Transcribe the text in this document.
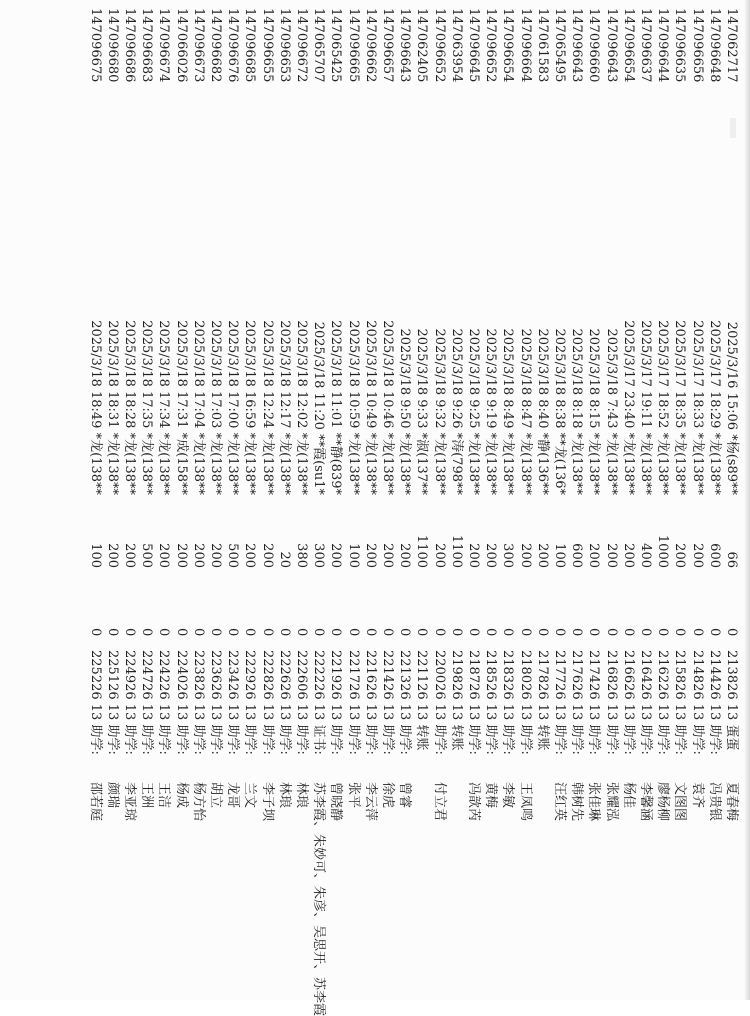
147062717
2025/3/16 15:06 *杨(s89**
66
0
213826 13 蛋蛋
夏春梅
147096648
2025/3/17 18:29 *龙(138**
600
0
214426 13 助学:
冯贵银
147096656
2025/3/17 18:33 *龙(138**
200
0
214826 13 助学:
袁齐
147096635
2025/3/17 18:35 *龙(138**
200
0
215826 13 助学:
文图图
147096644
2025/3/17 18:52 *龙(138**
1000
0
216226 13 助学:
廖杨柳
147096637
2025/3/17 19:11 *龙(138**
400
0
216426 13 助学:
李馨涵
147096654
2025/3/17 23:40 *龙(138**
200
0
216626 13 助学:
杨佳
147096643
2025/3/18 7:43 *龙(138**
200
0
216826 13 助学:
张耀泓
147096660
2025/3/18 8:15 *龙(138**
200
0
217426 13 助学:
张佳琳
147096643
2025/3/18 8:18 *龙(138**
600
0
217626 13 助学:
韩树先
147065495
2025/3/18 8:38 **龙(136*
100
0
217726 13 助学:
汪红英
147061583
2025/3/18 8:40 *静(136**
200
0
217826 13 转账
147096664
2025/3/18 8:47 *龙(138**
200
0
218026 13 助学:
王凤鸣
147096654
2025/3/18 8:49 *龙(138**
300
0
218326 13 助学:
李敏
147096652
2025/3/18 9:19 *龙(138**
200
0
218526 13 助学:
黄梅
147096645
2025/3/18 9:25 *龙(138**
200
0
218726 13 助学:
冯歆芮
147063954
2025/3/18 9:26 *涛(798**
1100
0
219826 13 转账
147096652
2025/3/18 9:32 *龙(138**
200
0
220026 13 助学:
付立君
147062405
2025/3/18 9:33 *淑(137**
1100
0
221126 13 转账
147096643
2025/3/18 9:50 *龙(138**
200
0
221326 13 助学:
曾睿
147096657
2025/3/18 10:46 *龙(138**
200
0
221426 13 助学:
徐虎
147096662
2025/3/18 10:49 *龙(138**
200
0
221626 13 助学:
李云萍
147096665
2025/3/18 10:59 *龙(138**
100
0
221726 13 助学:
张平
147065425
2025/3/18 11:01 **静(839*
200
0
221926 13 助学:
曾晓静
147065707
2025/3/18 11:20 **霞(su1*
300
0
222226 13 证书:
苏李霞、朱妙可、朱彦、吴思开、苏李霞
147096672
2025/3/18 12:02 *龙(138**
380
0
222606 13 助学:
林琅
147096653
2025/3/18 12:17 *龙(138**
20
0
222626 13 助学:
林琅
147096655
2025/3/18 12:24 *龙(138**
200
0
222826 13 助学:
李子坝
147096685
2025/3/18 16:59 *龙(138**
200
0
222926 13 助学:
兰文
147096676
2025/3/18 17:00 *龙(138**
500
0
223426 13 助学:
龙哥
147096682
2025/3/18 17:03 *龙(138**
200
0
223626 13 助学:
胡立
147096673
2025/3/18 17:04 *龙(138**
200
0
223826 13 助学:
杨方怡
147066026
2025/3/18 17:31 *成(158**
200
0
224026 13 助学:
杨成
147096674
2025/3/18 17:34 *龙(138**
200
0
224226 13 助学:
王洁
147096683
2025/3/18 17:35 *龙(138**
500
0
224726 13 助学:
王洲
147096686
2025/3/18 18:28 *龙(138**
200
0
224926 13 助学:
李亚琼
147096680
2025/3/18 18:31 *龙(138**
200
0
225126 13 助学:
颜瑞
147096675
2025/3/18 18:49 *龙(138**
100
0
225226 13 助学:
邵若庭
